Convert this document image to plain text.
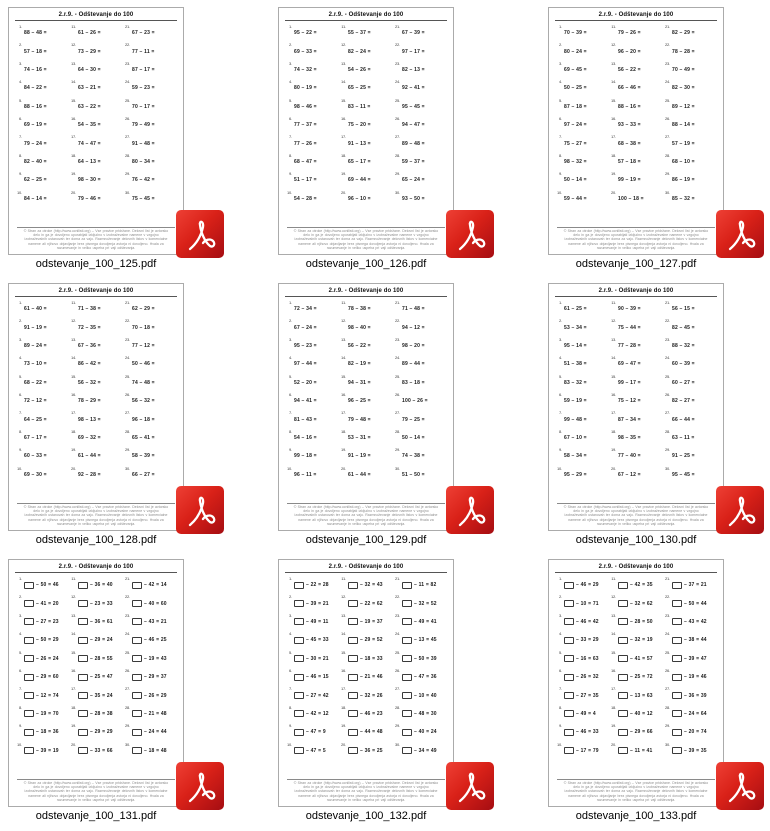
2.r.9. - Odštevanje do 100
1.
88 – 48 =
2.
57 – 18 =
3.
74 – 16 =
4.
84 – 22 =
5.
88 – 16 =
6.
69 – 19 =
7.
79 – 24 =
8.
82 – 40 =
9.
62 – 25 =
10.
84 – 14 =
11.
61 – 26 =
12.
73 – 29 =
13.
64 – 30 =
14.
63 – 21 =
15.
63 – 22 =
16.
54 – 35 =
17.
74 – 47 =
18.
64 – 13 =
19.
98 – 30 =
20.
79 – 46 =
21.
67 – 23 =
22.
77 – 11 =
23.
87 – 17 =
24.
59 – 23 =
25.
70 – 17 =
26.
79 – 49 =
27.
91 – 48 =
28.
80 – 34 =
29.
76 – 42 =
30.
75 – 45 =
© Stran za otroke (http://www.ucnilisti.org) – Vse pravice pridržane. Delovni list je avtorsko delo in ga je dovoljeno uporabljati izključno v izobraževalne namene v vzgojno izobraževalnih ustanovah ter doma za vajo. Razmnoževanje delovnih listov v komercialne namene ali njihovo objavljanje brez pisnega dovoljenja avtorja ni dovoljeno. Hvala za razumevanje in veliko uspeha pri vaji odštevanja.
odstevanje_100_125.pdf
2.r.9. - Odštevanje do 100
1.
95 – 22 =
2.
69 – 33 =
3.
74 – 32 =
4.
80 – 19 =
5.
98 – 46 =
6.
77 – 37 =
7.
77 – 26 =
8.
68 – 47 =
9.
51 – 17 =
10.
54 – 28 =
11.
55 – 37 =
12.
82 – 24 =
13.
54 – 26 =
14.
65 – 25 =
15.
83 – 11 =
16.
75 – 20 =
17.
91 – 13 =
18.
65 – 17 =
19.
69 – 44 =
20.
96 – 10 =
21.
67 – 39 =
22.
97 – 17 =
23.
82 – 13 =
24.
92 – 41 =
25.
95 – 45 =
26.
94 – 47 =
27.
89 – 48 =
28.
59 – 37 =
29.
65 – 24 =
30.
93 – 50 =
© Stran za otroke (http://www.ucnilisti.org) – Vse pravice pridržane. Delovni list je avtorsko delo in ga je dovoljeno uporabljati izključno v izobraževalne namene v vzgojno izobraževalnih ustanovah ter doma za vajo. Razmnoževanje delovnih listov v komercialne namene ali njihovo objavljanje brez pisnega dovoljenja avtorja ni dovoljeno. Hvala za razumevanje in veliko uspeha pri vaji odštevanja.
odstevanje_100_126.pdf
2.r.9. - Odštevanje do 100
1.
70 – 39 =
2.
80 – 24 =
3.
69 – 45 =
4.
50 – 25 =
5.
87 – 18 =
6.
97 – 24 =
7.
75 – 27 =
8.
98 – 32 =
9.
50 – 14 =
10.
59 – 44 =
11.
79 – 26 =
12.
96 – 20 =
13.
56 – 22 =
14.
66 – 46 =
15.
88 – 16 =
16.
93 – 33 =
17.
68 – 38 =
18.
57 – 18 =
19.
99 – 19 =
20.
100 – 18 =
21.
82 – 29 =
22.
78 – 28 =
23.
70 – 49 =
24.
82 – 30 =
25.
89 – 12 =
26.
88 – 14 =
27.
57 – 19 =
28.
68 – 10 =
29.
86 – 19 =
30.
85 – 32 =
© Stran za otroke (http://www.ucnilisti.org) – Vse pravice pridržane. Delovni list je avtorsko delo in ga je dovoljeno uporabljati izključno v izobraževalne namene v vzgojno izobraževalnih ustanovah ter doma za vajo. Razmnoževanje delovnih listov v komercialne namene ali njihovo objavljanje brez pisnega dovoljenja avtorja ni dovoljeno. Hvala za razumevanje in veliko uspeha pri vaji odštevanja.
odstevanje_100_127.pdf
2.r.9. - Odštevanje do 100
1.
61 – 40 =
2.
91 – 19 =
3.
89 – 24 =
4.
73 – 10 =
5.
68 – 22 =
6.
72 – 12 =
7.
64 – 25 =
8.
67 – 17 =
9.
60 – 33 =
10.
69 – 30 =
11.
71 – 38 =
12.
72 – 35 =
13.
67 – 36 =
14.
86 – 42 =
15.
56 – 32 =
16.
78 – 29 =
17.
98 – 13 =
18.
69 – 32 =
19.
61 – 44 =
20.
92 – 28 =
21.
62 – 29 =
22.
70 – 18 =
23.
77 – 12 =
24.
50 – 46 =
25.
74 – 48 =
26.
56 – 32 =
27.
96 – 18 =
28.
65 – 41 =
29.
58 – 39 =
30.
66 – 27 =
© Stran za otroke (http://www.ucnilisti.org) – Vse pravice pridržane. Delovni list je avtorsko delo in ga je dovoljeno uporabljati izključno v izobraževalne namene v vzgojno izobraževalnih ustanovah ter doma za vajo. Razmnoževanje delovnih listov v komercialne namene ali njihovo objavljanje brez pisnega dovoljenja avtorja ni dovoljeno. Hvala za razumevanje in veliko uspeha pri vaji odštevanja.
odstevanje_100_128.pdf
2.r.9. - Odštevanje do 100
1.
72 – 34 =
2.
67 – 24 =
3.
95 – 23 =
4.
97 – 44 =
5.
52 – 20 =
6.
94 – 41 =
7.
81 – 43 =
8.
54 – 16 =
9.
99 – 18 =
10.
96 – 11 =
11.
78 – 38 =
12.
98 – 40 =
13.
56 – 22 =
14.
82 – 19 =
15.
94 – 31 =
16.
96 – 25 =
17.
79 – 48 =
18.
53 – 31 =
19.
91 – 19 =
20.
61 – 44 =
21.
71 – 48 =
22.
94 – 12 =
23.
98 – 20 =
24.
89 – 44 =
25.
83 – 18 =
26.
100 – 26 =
27.
79 – 25 =
28.
50 – 14 =
29.
74 – 38 =
30.
51 – 50 =
© Stran za otroke (http://www.ucnilisti.org) – Vse pravice pridržane. Delovni list je avtorsko delo in ga je dovoljeno uporabljati izključno v izobraževalne namene v vzgojno izobraževalnih ustanovah ter doma za vajo. Razmnoževanje delovnih listov v komercialne namene ali njihovo objavljanje brez pisnega dovoljenja avtorja ni dovoljeno. Hvala za razumevanje in veliko uspeha pri vaji odštevanja.
odstevanje_100_129.pdf
2.r.9. - Odštevanje do 100
1.
61 – 25 =
2.
53 – 34 =
3.
95 – 14 =
4.
51 – 38 =
5.
83 – 32 =
6.
59 – 19 =
7.
99 – 48 =
8.
67 – 10 =
9.
58 – 34 =
10.
95 – 29 =
11.
90 – 39 =
12.
75 – 44 =
13.
77 – 28 =
14.
69 – 47 =
15.
99 – 17 =
16.
75 – 12 =
17.
87 – 34 =
18.
98 – 35 =
19.
77 – 40 =
20.
67 – 12 =
21.
56 – 15 =
22.
82 – 45 =
23.
88 – 32 =
24.
60 – 39 =
25.
60 – 27 =
26.
82 – 27 =
27.
66 – 44 =
28.
63 – 11 =
29.
91 – 25 =
30.
95 – 45 =
© Stran za otroke (http://www.ucnilisti.org) – Vse pravice pridržane. Delovni list je avtorsko delo in ga je dovoljeno uporabljati izključno v izobraževalne namene v vzgojno izobraževalnih ustanovah ter doma za vajo. Razmnoževanje delovnih listov v komercialne namene ali njihovo objavljanje brez pisnega dovoljenja avtorja ni dovoljeno. Hvala za razumevanje in veliko uspeha pri vaji odštevanja.
odstevanje_100_130.pdf
2.r.9. - Odštevanje do 100
1.
– 50 = 46
2.
– 41 = 20
3.
– 27 = 23
4.
– 50 = 29
5.
– 26 = 24
6.
– 29 = 60
7.
– 12 = 74
8.
– 19 = 70
9.
– 18 = 36
10.
– 39 = 19
11.
– 36 = 40
12.
– 23 = 33
13.
– 36 = 61
14.
– 29 = 24
15.
– 28 = 55
16.
– 25 = 47
17.
– 35 = 24
18.
– 28 = 38
19.
– 29 = 29
20.
– 33 = 66
21.
– 42 = 14
22.
– 40 = 60
23.
– 43 = 21
24.
– 46 = 25
25.
– 19 = 43
26.
– 29 = 37
27.
– 26 = 29
28.
– 21 = 48
29.
– 24 = 44
30.
– 18 = 48
© Stran za otroke (http://www.ucnilisti.org) – Vse pravice pridržane. Delovni list je avtorsko delo in ga je dovoljeno uporabljati izključno v izobraževalne namene v vzgojno izobraževalnih ustanovah ter doma za vajo. Razmnoževanje delovnih listov v komercialne namene ali njihovo objavljanje brez pisnega dovoljenja avtorja ni dovoljeno. Hvala za razumevanje in veliko uspeha pri vaji odštevanja.
odstevanje_100_131.pdf
2.r.9. - Odštevanje do 100
1.
– 22 = 28
2.
– 39 = 21
3.
– 49 = 11
4.
– 45 = 33
5.
– 30 = 21
6.
– 46 = 15
7.
– 27 = 42
8.
– 42 = 12
9.
– 47 = 9
10.
– 47 = 5
11.
– 32 = 43
12.
– 22 = 62
13.
– 19 = 37
14.
– 29 = 52
15.
– 18 = 33
16.
– 21 = 46
17.
– 32 = 26
18.
– 46 = 23
19.
– 44 = 48
20.
– 36 = 25
21.
– 11 = 82
22.
– 32 = 52
23.
– 49 = 41
24.
– 13 = 45
25.
– 50 = 39
26.
– 47 = 36
27.
– 10 = 40
28.
– 48 = 30
29.
– 40 = 24
30.
– 34 = 49
© Stran za otroke (http://www.ucnilisti.org) – Vse pravice pridržane. Delovni list je avtorsko delo in ga je dovoljeno uporabljati izključno v izobraževalne namene v vzgojno izobraževalnih ustanovah ter doma za vajo. Razmnoževanje delovnih listov v komercialne namene ali njihovo objavljanje brez pisnega dovoljenja avtorja ni dovoljeno. Hvala za razumevanje in veliko uspeha pri vaji odštevanja.
odstevanje_100_132.pdf
2.r.9. - Odštevanje do 100
1.
– 46 = 29
2.
– 10 = 71
3.
– 46 = 42
4.
– 33 = 29
5.
– 16 = 63
6.
– 26 = 32
7.
– 27 = 35
8.
– 49 = 4
9.
– 46 = 33
10.
– 17 = 79
11.
– 42 = 35
12.
– 32 = 62
13.
– 28 = 50
14.
– 32 = 19
15.
– 41 = 57
16.
– 25 = 72
17.
– 13 = 63
18.
– 40 = 12
19.
– 29 = 66
20.
– 11 = 41
21.
– 37 = 21
22.
– 50 = 44
23.
– 43 = 42
24.
– 38 = 44
25.
– 39 = 47
26.
– 19 = 46
27.
– 36 = 39
28.
– 24 = 64
29.
– 20 = 74
30.
– 39 = 35
© Stran za otroke (http://www.ucnilisti.org) – Vse pravice pridržane. Delovni list je avtorsko delo in ga je dovoljeno uporabljati izključno v izobraževalne namene v vzgojno izobraževalnih ustanovah ter doma za vajo. Razmnoževanje delovnih listov v komercialne namene ali njihovo objavljanje brez pisnega dovoljenja avtorja ni dovoljeno. Hvala za razumevanje in veliko uspeha pri vaji odštevanja.
odstevanje_100_133.pdf
